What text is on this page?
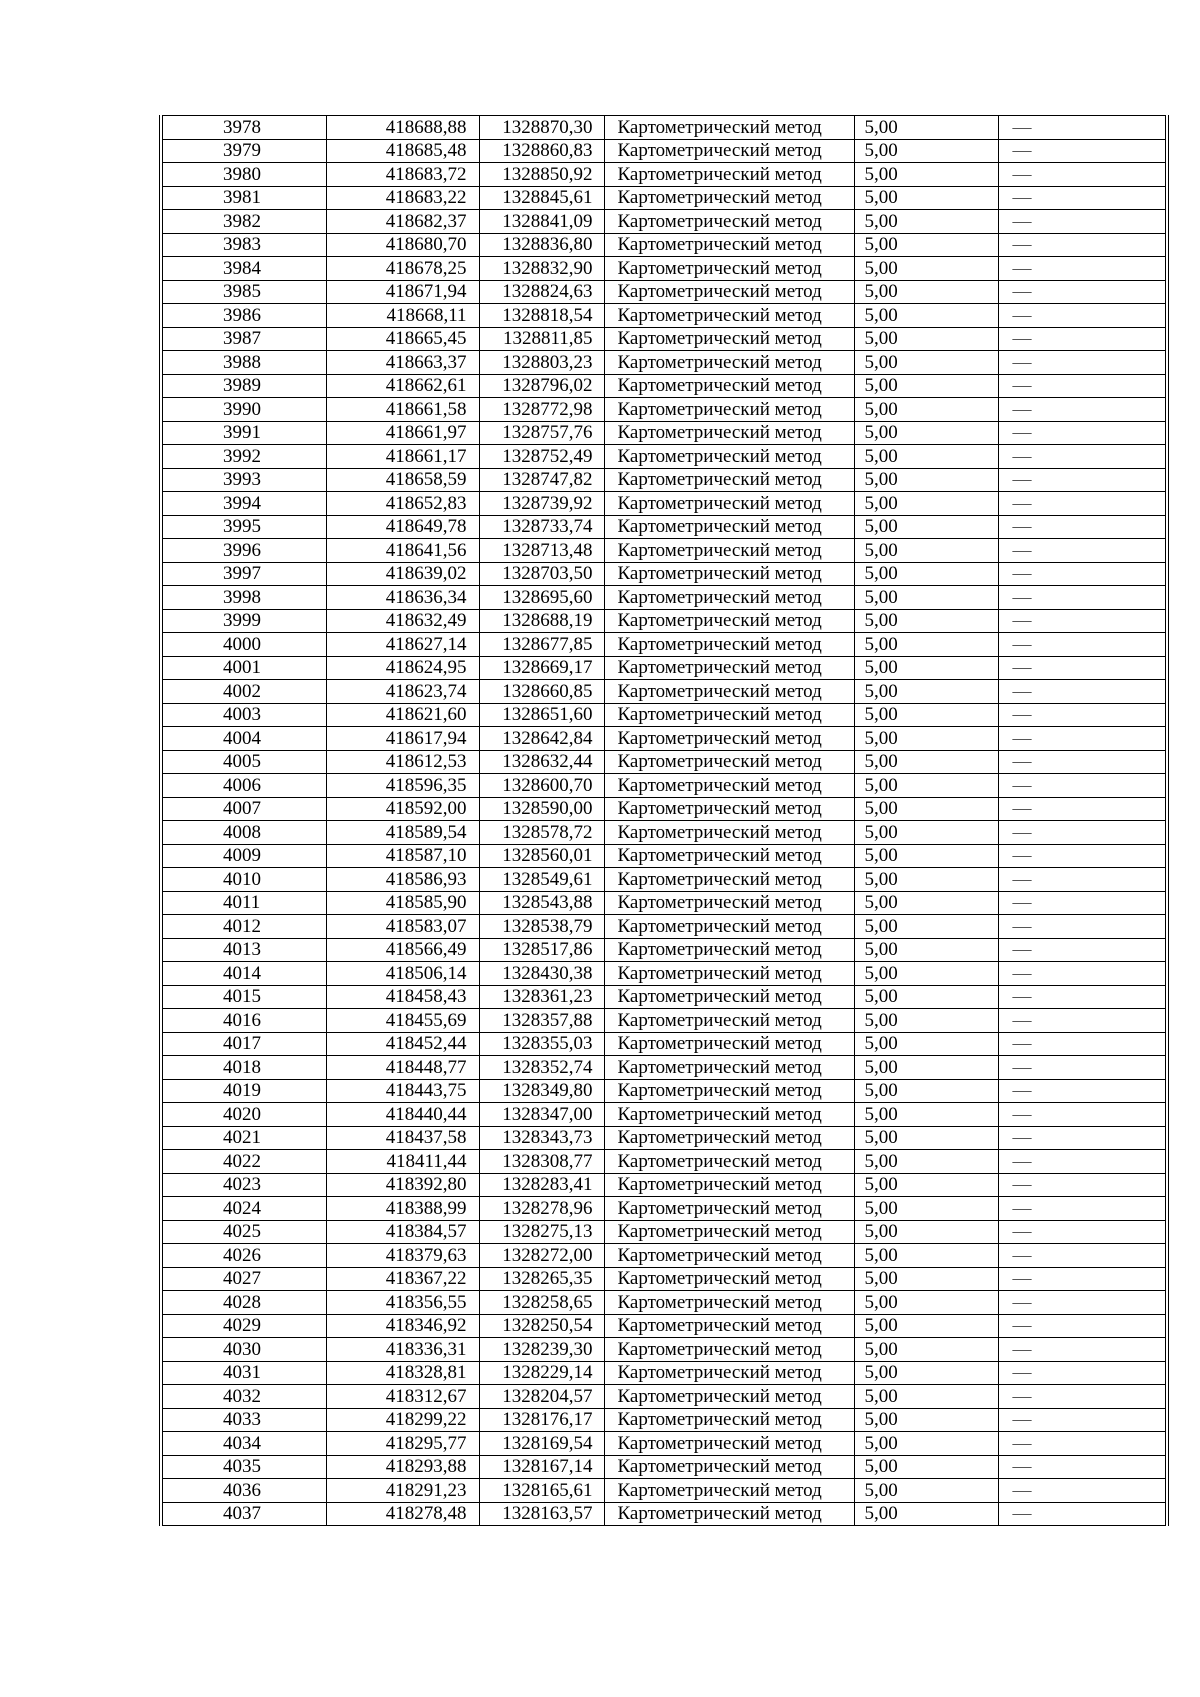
3978	418688,88	1328870,30	Картометрический метод	5,00	—
3979	418685,48	1328860,83	Картометрический метод	5,00	—
3980	418683,72	1328850,92	Картометрический метод	5,00	—
3981	418683,22	1328845,61	Картометрический метод	5,00	—
3982	418682,37	1328841,09	Картометрический метод	5,00	—
3983	418680,70	1328836,80	Картометрический метод	5,00	—
3984	418678,25	1328832,90	Картометрический метод	5,00	—
3985	418671,94	1328824,63	Картометрический метод	5,00	—
3986	418668,11	1328818,54	Картометрический метод	5,00	—
3987	418665,45	1328811,85	Картометрический метод	5,00	—
3988	418663,37	1328803,23	Картометрический метод	5,00	—
3989	418662,61	1328796,02	Картометрический метод	5,00	—
3990	418661,58	1328772,98	Картометрический метод	5,00	—
3991	418661,97	1328757,76	Картометрический метод	5,00	—
3992	418661,17	1328752,49	Картометрический метод	5,00	—
3993	418658,59	1328747,82	Картометрический метод	5,00	—
3994	418652,83	1328739,92	Картометрический метод	5,00	—
3995	418649,78	1328733,74	Картометрический метод	5,00	—
3996	418641,56	1328713,48	Картометрический метод	5,00	—
3997	418639,02	1328703,50	Картометрический метод	5,00	—
3998	418636,34	1328695,60	Картометрический метод	5,00	—
3999	418632,49	1328688,19	Картометрический метод	5,00	—
4000	418627,14	1328677,85	Картометрический метод	5,00	—
4001	418624,95	1328669,17	Картометрический метод	5,00	—
4002	418623,74	1328660,85	Картометрический метод	5,00	—
4003	418621,60	1328651,60	Картометрический метод	5,00	—
4004	418617,94	1328642,84	Картометрический метод	5,00	—
4005	418612,53	1328632,44	Картометрический метод	5,00	—
4006	418596,35	1328600,70	Картометрический метод	5,00	—
4007	418592,00	1328590,00	Картометрический метод	5,00	—
4008	418589,54	1328578,72	Картометрический метод	5,00	—
4009	418587,10	1328560,01	Картометрический метод	5,00	—
4010	418586,93	1328549,61	Картометрический метод	5,00	—
4011	418585,90	1328543,88	Картометрический метод	5,00	—
4012	418583,07	1328538,79	Картометрический метод	5,00	—
4013	418566,49	1328517,86	Картометрический метод	5,00	—
4014	418506,14	1328430,38	Картометрический метод	5,00	—
4015	418458,43	1328361,23	Картометрический метод	5,00	—
4016	418455,69	1328357,88	Картометрический метод	5,00	—
4017	418452,44	1328355,03	Картометрический метод	5,00	—
4018	418448,77	1328352,74	Картометрический метод	5,00	—
4019	418443,75	1328349,80	Картометрический метод	5,00	—
4020	418440,44	1328347,00	Картометрический метод	5,00	—
4021	418437,58	1328343,73	Картометрический метод	5,00	—
4022	418411,44	1328308,77	Картометрический метод	5,00	—
4023	418392,80	1328283,41	Картометрический метод	5,00	—
4024	418388,99	1328278,96	Картометрический метод	5,00	—
4025	418384,57	1328275,13	Картометрический метод	5,00	—
4026	418379,63	1328272,00	Картометрический метод	5,00	—
4027	418367,22	1328265,35	Картометрический метод	5,00	—
4028	418356,55	1328258,65	Картометрический метод	5,00	—
4029	418346,92	1328250,54	Картометрический метод	5,00	—
4030	418336,31	1328239,30	Картометрический метод	5,00	—
4031	418328,81	1328229,14	Картометрический метод	5,00	—
4032	418312,67	1328204,57	Картометрический метод	5,00	—
4033	418299,22	1328176,17	Картометрический метод	5,00	—
4034	418295,77	1328169,54	Картометрический метод	5,00	—
4035	418293,88	1328167,14	Картометрический метод	5,00	—
4036	418291,23	1328165,61	Картометрический метод	5,00	—
4037	418278,48	1328163,57	Картометрический метод	5,00	—
